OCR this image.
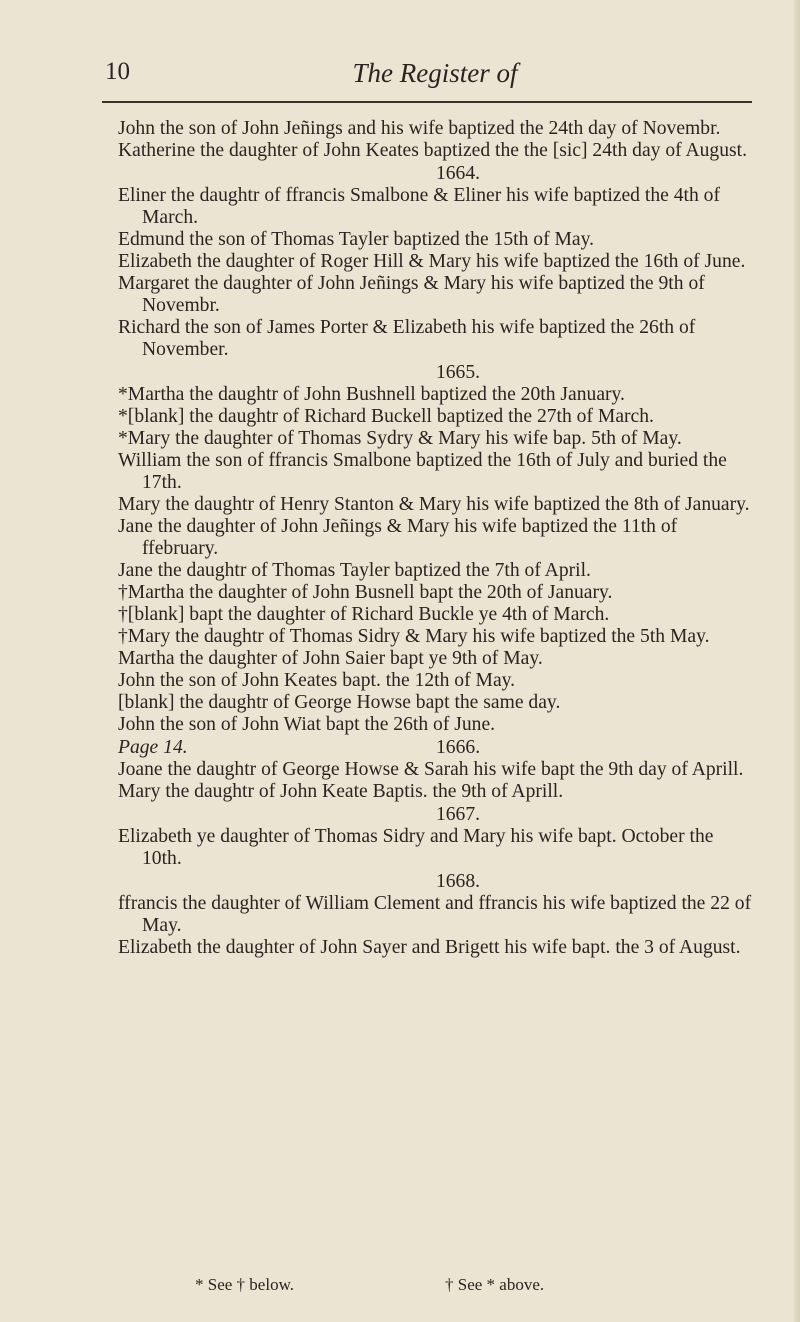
10	The Register of

John the son of John Jeñings and his wife baptized the 24th day of Novembr.

Katherine the daughter of John Keates baptized the the [sic] 24th day of August.

1664.

Eliner the daughtr of ffrancis Smalbone & Eliner his wife baptized the 4th of March.

Edmund the son of Thomas Tayler baptized the 15th of May.

Elizabeth the daughter of Roger Hill & Mary his wife baptized the 16th of June.

Margaret the daughter of John Jeñings & Mary his wife baptized the 9th of Novembr.

Richard the son of James Porter & Elizabeth his wife baptized the 26th of November.

1665.

*Martha the daughtr of John Bushnell baptized the 20th January.

*[blank] the daughtr of Richard Buckell baptized the 27th of March.

*Mary the daughter of Thomas Sydry & Mary his wife bap. 5th of May.

William the son of ffrancis Smalbone baptized the 16th of July and buried the 17th.

Mary the daughtr of Henry Stanton & Mary his wife baptized the 8th of January.

Jane the daughter of John Jeñings & Mary his wife baptized the 11th of ffebruary.

Jane the daughtr of Thomas Tayler baptized the 7th of April.

†Martha the daughter of John Busnell bapt the 20th of January.

†[blank] bapt the daughter of Richard Buckle ye 4th of March.

†Mary the daughtr of Thomas Sidry & Mary his wife baptized the 5th May.

Martha the daughter of John Saier bapt ye 9th of May.

John the son of John Keates bapt. the 12th of May.

[blank] the daughtr of George Howse bapt the same day.

John the son of John Wiat bapt the 26th of June.

Page 14.	1666.

Joane the daughtr of George Howse & Sarah his wife bapt the 9th day of Aprill.

Mary the daughtr of John Keate Baptis. the 9th of Aprill.

1667.

Elizabeth ye daughter of Thomas Sidry and Mary his wife bapt. October the 10th.

1668.

ffrancis the daughter of William Clement and ffrancis his wife baptized the 22 of May.

Elizabeth the daughter of John Sayer and Brigett his wife bapt. the 3 of August.

* See † below.	† See * above.
